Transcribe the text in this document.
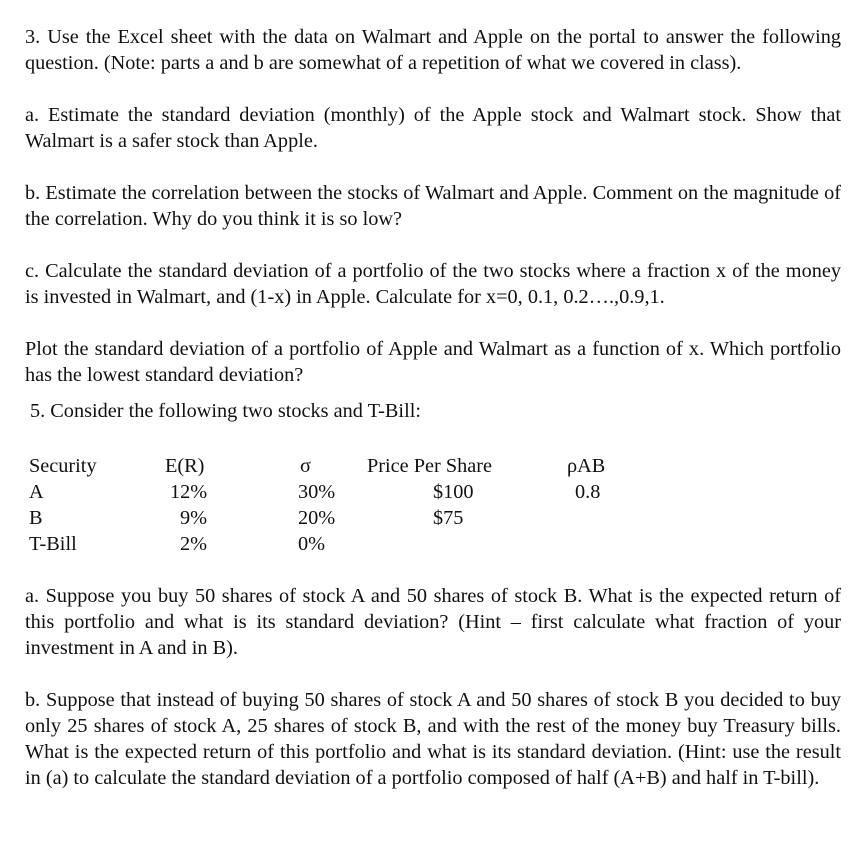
3. Use the Excel sheet with the data on Walmart and Apple on the portal to answer the following question. (Note: parts a and b are somewhat of a repetition of what we covered in class).

a. Estimate the standard deviation (monthly) of the Apple stock and Walmart stock. Show that Walmart is a safer stock than Apple.

b. Estimate the correlation between the stocks of Walmart and Apple. Comment on the magnitude of the correlation. Why do you think it is so low?

c. Calculate the standard deviation of a portfolio of the two stocks where a fraction x of the money is invested in Walmart, and (1-x) in Apple. Calculate for x=0, 0.1, 0.2….,0.9,1.

Plot the standard deviation of a portfolio of Apple and Walmart as a function of x. Which portfolio has the lowest standard deviation?

5. Consider the following two stocks and T-Bill:

Security	E(R)	σ	Price Per Share	ρAB
A	12%	30%	$100	0.8
B	9%	20%	$75
T-Bill	2%	0%

a. Suppose you buy 50 shares of stock A and 50 shares of stock B. What is the expected return of this portfolio and what is its standard deviation? (Hint – first calculate what fraction of your investment in A and in B).

b. Suppose that instead of buying 50 shares of stock A and 50 shares of stock B you decided to buy only 25 shares of stock A, 25 shares of stock B, and with the rest of the money buy Treasury bills. What is the expected return of this portfolio and what is its standard deviation. (Hint: use the result in (a) to calculate the standard deviation of a portfolio composed of half (A+B) and half in T-bill).
